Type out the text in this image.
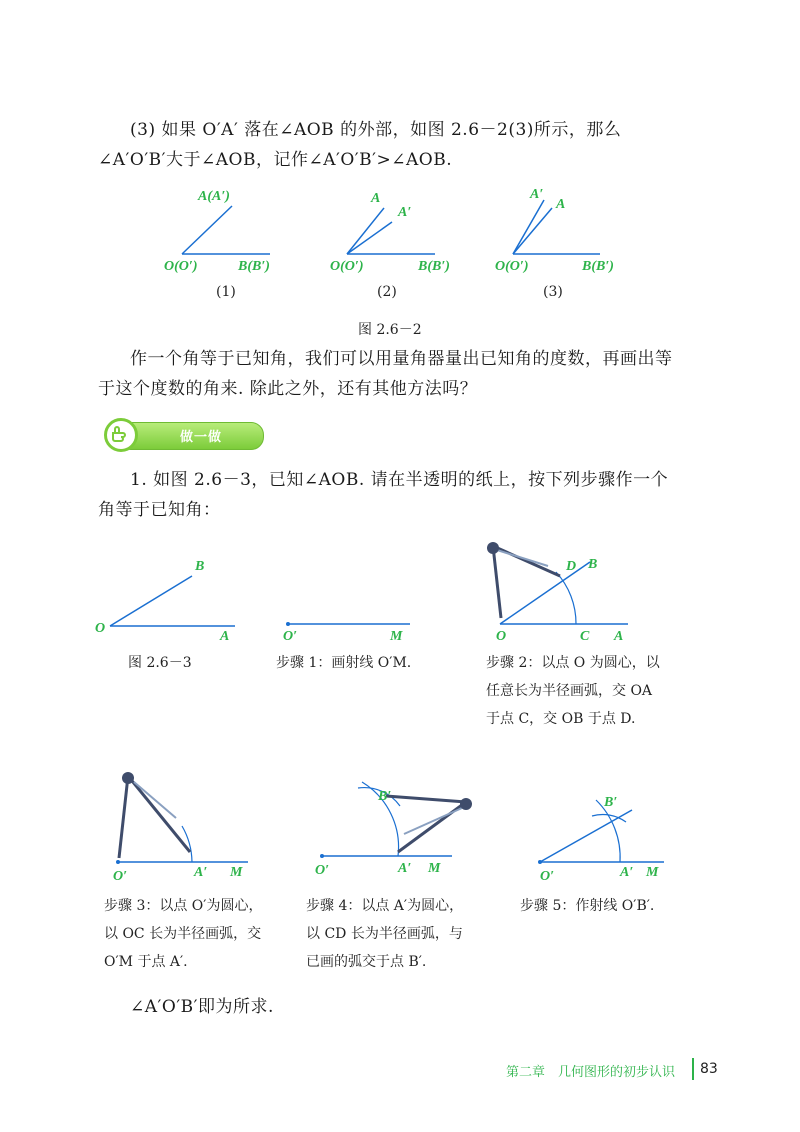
(3) 如果 O′A′ 落在∠AOB 的外部，如图 2.6－2(3)所示，那么
∠A′O′B′大于∠AOB，记作∠A′O′B′>∠AOB.
A(A′)
O(O′)	B(B′)
A
A′
O(O′)	B(B′)
A′
A
O(O′)	B(B′)
(1)	(2)	(3)
图 2.6－2
作一个角等于已知角，我们可以用量角器量出已知角的度数，再画出等
于这个度数的角来. 除此之外，还有其他方法吗？
做一做
1. 如图 2.6－3，已知∠AOB. 请在半透明的纸上，按下列步骤作一个
角等于已知角：
O
A
B
O′	M	O	C A
D B
图 2.6－3	步骤 1：画射线 O′M.	步骤 2：以点 O 为圆心，以
任意长为半径画弧，交 OA
于点 C，交 OB 于点 D.
O′	A′ M	O′	A′ M
B′
O′	A′ M
B′
步骤 3：以点 O′为圆心，
以 OC 长为半径画弧，交
O′M 于点 A′.
步骤 4：以点 A′为圆心，
以 CD 长为半径画弧，与
已画的弧交于点 B′.
步骤 5：作射线 O′B′.
∠A′O′B′即为所求.
第二章　几何图形的初步认识 83
